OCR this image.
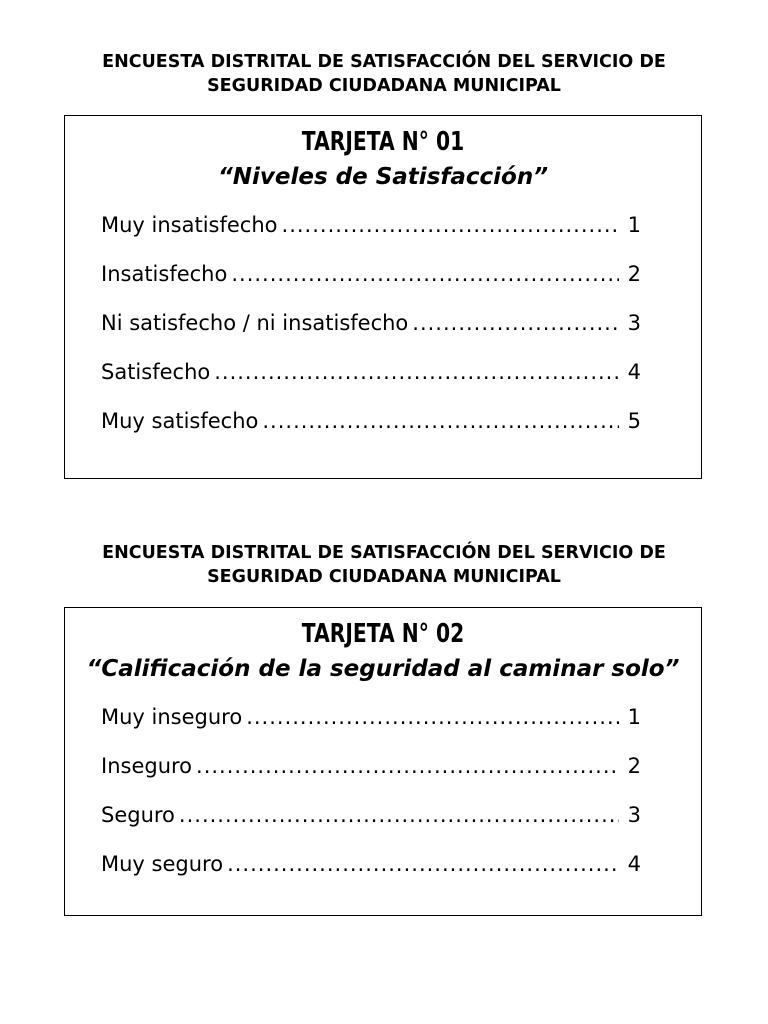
ENCUESTA DISTRITAL DE SATISFACCIÓN DEL SERVICIO DE
SEGURIDAD CIUDADANA MUNICIPAL
TARJETA N° 01

“Niveles de Satisfacción”

Muy insatisfecho .....	1
Insatisfecho .....	2
Ni satisfecho / ni insatisfecho .....	3
Satisfecho .....	4
Muy satisfecho .....	5
ENCUESTA DISTRITAL DE SATISFACCIÓN DEL SERVICIO DE
SEGURIDAD CIUDADANA MUNICIPAL
TARJETA N° 02

“Calificación de la seguridad al caminar solo”

Muy inseguro .....	1
Inseguro .....	2
Seguro .....	3
Muy seguro .....	4
